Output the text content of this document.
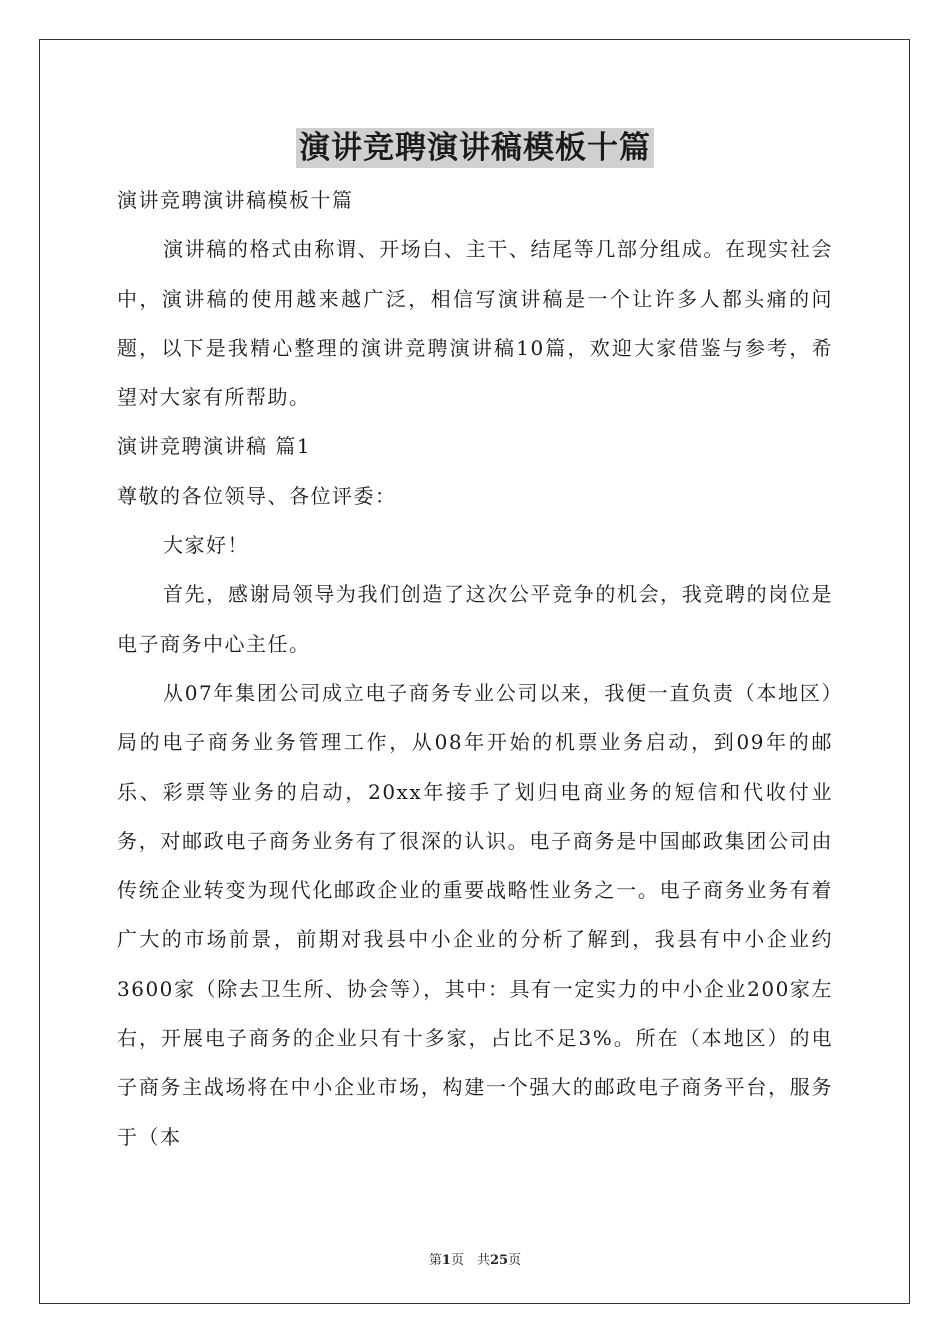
演讲竞聘演讲稿模板十篇

演讲竞聘演讲稿模板十篇

演讲稿的格式由称谓、开场白、主干、结尾等几部分组成。在现实社会中，演讲稿的使用越来越广泛，相信写演讲稿是一个让许多人都头痛的问题，以下是我精心整理的演讲竞聘演讲稿10篇，欢迎大家借鉴与参考，希望对大家有所帮助。

演讲竞聘演讲稿 篇1

尊敬的各位领导、各位评委：

大家好！

首先，感谢局领导为我们创造了这次公平竞争的机会，我竞聘的岗位是电子商务中心主任。

从07年集团公司成立电子商务专业公司以来，我便一直负责（本地区）局的电子商务业务管理工作，从08年开始的机票业务启动，到09年的邮乐、彩票等业务的启动，20xx年接手了划归电商业务的短信和代收付业务，对邮政电子商务业务有了很深的认识。电子商务是中国邮政集团公司由传统企业转变为现代化邮政企业的重要战略性业务之一。电子商务业务有着广大的市场前景，前期对我县中小企业的分析了解到，我县有中小企业约3600家（除去卫生所、协会等），其中：具有一定实力的中小企业200家左右，开展电子商务的企业只有十多家，占比不足3%。所在（本地区）的电子商务主战场将在中小企业市场，构建一个强大的邮政电子商务平台，服务于（本

第1页　共25页
